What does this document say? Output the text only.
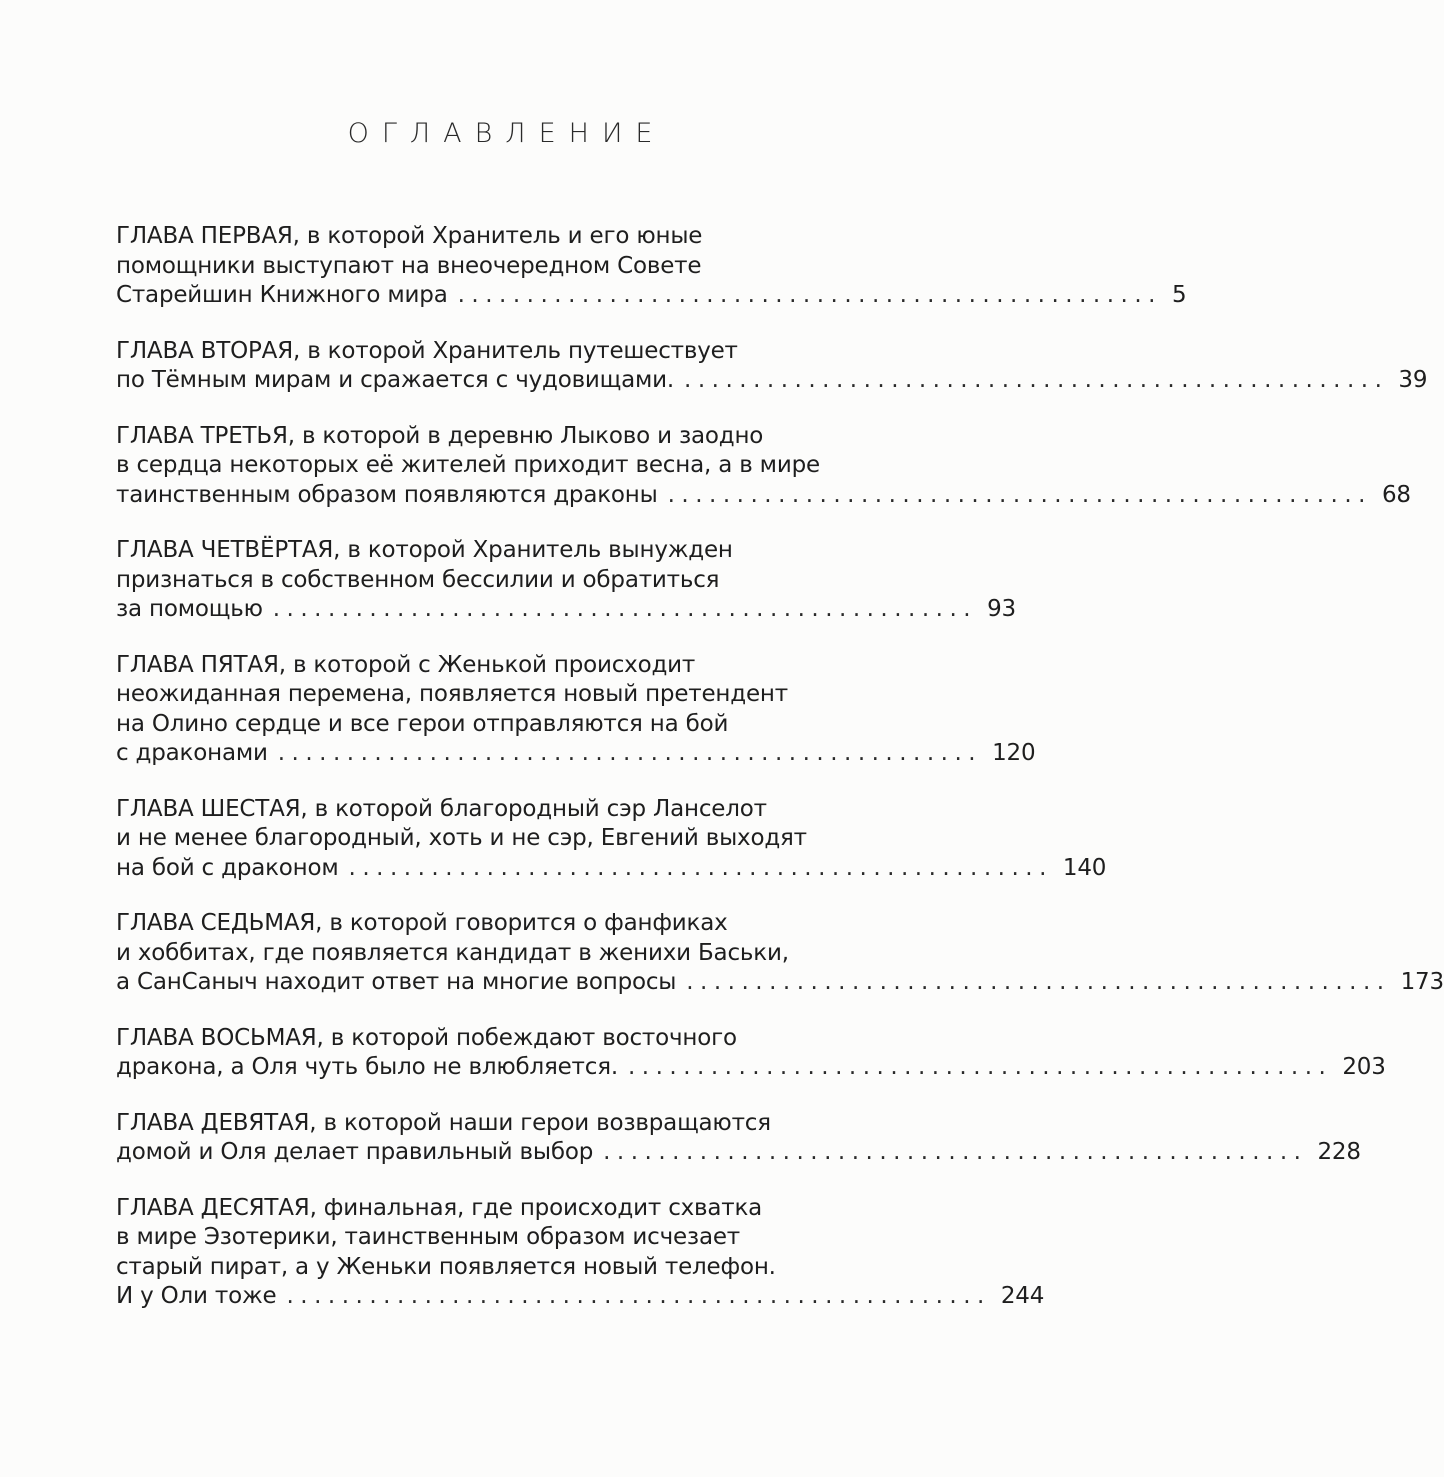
ОГЛАВЛЕНИЕ
ГЛАВА ПЕРВАЯ, в которой Хранитель и его юные
помощники выступают на внеочередном Совете
Старейшин Книжного мира ................................................... 5
ГЛАВА ВТОРАЯ, в которой Хранитель путешествует
по Тёмным мирам и сражается с чудовищами. ................................................... 39
ГЛАВА ТРЕТЬЯ, в которой в деревню Лыково и заодно
в сердца некоторых её жителей приходит весна, а в мире
таинственным образом появляются драконы ................................................... 68
ГЛАВА ЧЕТВЁРТАЯ, в которой Хранитель вынужден
признаться в собственном бессилии и обратиться
за помощью ................................................... 93
ГЛАВА ПЯТАЯ, в которой с Женькой происходит
неожиданная перемена, появляется новый претендент
на Олино сердце и все герои отправляются на бой
с драконами ................................................... 120
ГЛАВА ШЕСТАЯ, в которой благородный сэр Ланселот
и не менее благородный, хоть и не сэр, Евгений выходят
на бой с драконом ................................................... 140
ГЛАВА СЕДЬМАЯ, в которой говорится о фанфиках
и хоббитах, где появляется кандидат в женихи Баськи,
а СанСаныч находит ответ на многие вопросы ................................................... 173
ГЛАВА ВОСЬМАЯ, в которой побеждают восточного
дракона, а Оля чуть было не влюбляется. ................................................... 203
ГЛАВА ДЕВЯТАЯ, в которой наши герои возвращаются
домой и Оля делает правильный выбор ................................................... 228
ГЛАВА ДЕСЯТАЯ, финальная, где происходит схватка
в мире Эзотерики, таинственным образом исчезает
старый пират, а у Женьки появляется новый телефон.
И у Оли тоже ................................................... 244
